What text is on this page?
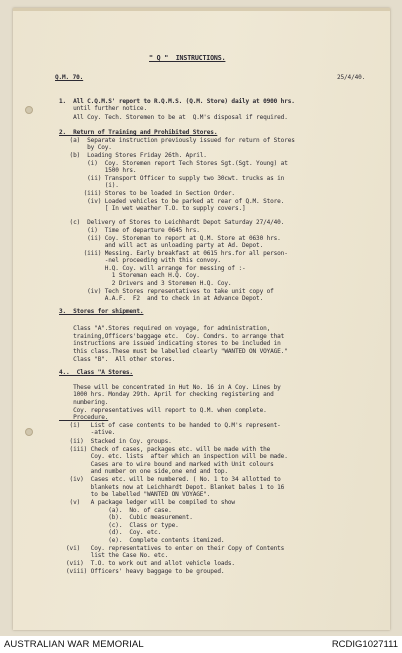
" Q "  INSTRUCTIONS.

Q.M. 70.	25/4/40.

1.  All C.Q.M.S' report to R.Q.M.S. (Q.M. Store) daily at 0900 hrs.

until further notice.

All Coy. Tech. Storemen to be at  Q.M's disposal if required.

2.  Return of Training and Prohibited Stores.

(a)  Separate instruction previously issued for return of Stores

by Coy.

(b)  Loading Stores Friday 26th. April.

(i)  Coy. Storemen report Tech Stores Sgt.(Sgt. Young) at

1500 hrs.

(ii) Transport Officer to supply two 30cwt. trucks as in

(i).

(iii) Stores to be loaded in Section Order.

(iv) Loaded vehicles to be parked at rear of Q.M. Store.

[ In wet weather T.O. to supply covers.]

(c)  Delivery of Stores to Leichhardt Depot Saturday 27/4/40.

(i)  Time of departure 0645 hrs.

(ii) Coy. Storeman to report at Q.M. Store at 0630 hrs.

and will act as unloading party at Ad. Depot.

(iii) Messing. Early breakfast at 0615 hrs.for all person-

-nel proceeding with this convoy.

H.Q. Coy. will arrange for messing of :-

1 Storeman each H.Q. Coy.

2 Drivers and 3 Storemen H.Q. Coy.

(iv) Tech Stores representatives to take unit copy of

A.A.F.  F2  and to check in at Advance Depot.

3.  Stores for shipment.

Class "A".Stores required on voyage, for administration,

training,Officers'baggage etc.  Coy. Comdrs. to arrange that

instructions are issued indicating stores to be included in

this class.These must be labelled clearly "WANTED ON VOYAGE."

Class "B".  All other stores.

4..  Class "A Stores.

These will be concentrated in Hut No. 16 in A Coy. Lines by

1000 hrs. Monday 29th. April for checking registering and

numbering.

Coy. representatives will report to Q.M. when complete.

Procedure.

(i)   List of case contents to be handed to Q.M's represent-

-ative.

(ii)  Stacked in Coy. groups.

(iii) Check of cases, packages etc. will be made with the

Coy. etc. lists  after which an inspection will be made.

Cases are to wire bound and marked with Unit colours

and number on one side,one end and top.

(iv)  Cases etc. will be numbered. ( No. 1 to 34 allotted to

blankets now at Leichhardt Depot. Blanket bales 1 to 16

to be labelled "WANTED ON VOYAGE".

(v)   A package ledger will be compiled to show

(a).  No. of case.

(b).  Cubic measurement.

(c).  Class or type.

(d).  Coy. etc.

(e).  Complete contents itemized.

(vi)   Coy. representatives to enter on their Copy of Contents

list the Case No. etc.

(vii)  T.O. to work out and allot vehicle loads.

(viii) Officers' heavy baggage to be grouped.

AUSTRALIAN WAR MEMORIAL	RCDIG1027111
